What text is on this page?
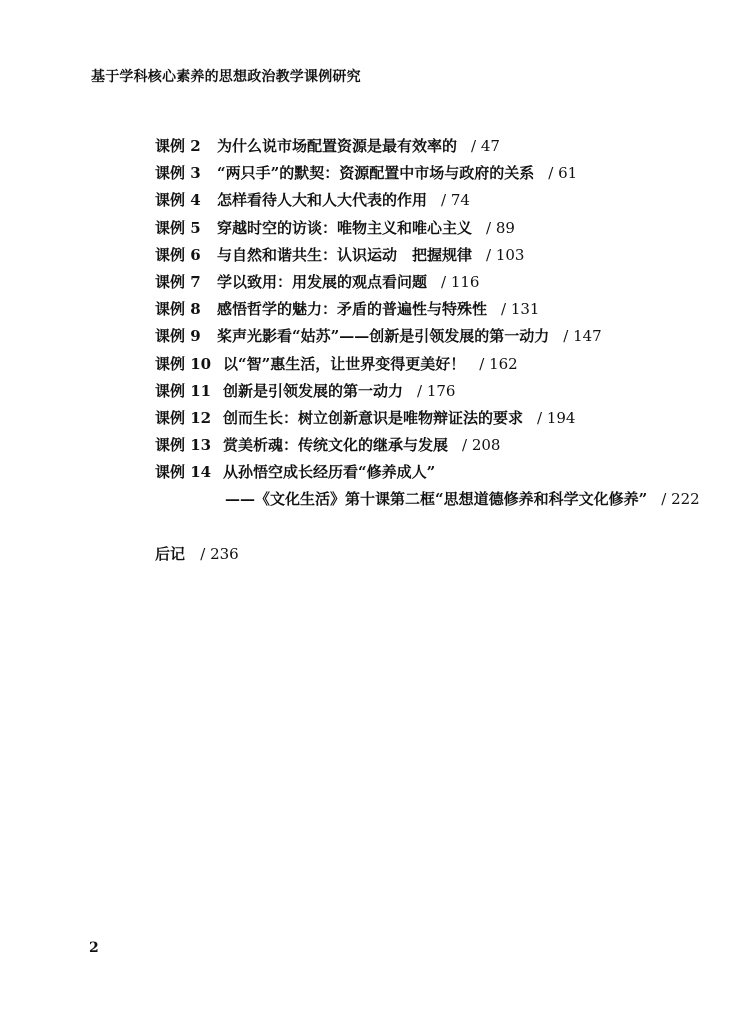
基于学科核心素养的思想政治教学课例研究
课例 2	为什么说市场配置资源是最有效率的 / 47
课例 3	“两只手”的默契：资源配置中市场与政府的关系 / 61
课例 4	怎样看待人大和人大代表的作用 / 74
课例 5	穿越时空的访谈：唯物主义和唯心主义 / 89
课例 6	与自然和谐共生：认识运动　把握规律 / 103
课例 7	学以致用：用发展的观点看问题 / 116
课例 8	感悟哲学的魅力：矛盾的普遍性与特殊性 / 131
课例 9	桨声光影看“姑苏”——创新是引领发展的第一动力 / 147
课例 10 以“智”惠生活，让世界变得更美好！ / 162
课例 11 创新是引领发展的第一动力 / 176
课例 12 创而生长：树立创新意识是唯物辩证法的要求 / 194
课例 13 赏美析魂：传统文化的继承与发展 / 208
课例 14 从孙悟空成长经历看“修养成人”
——《文化生活》第十课第二框“思想道德修养和科学文化修养” / 222
后记 / 236
2
